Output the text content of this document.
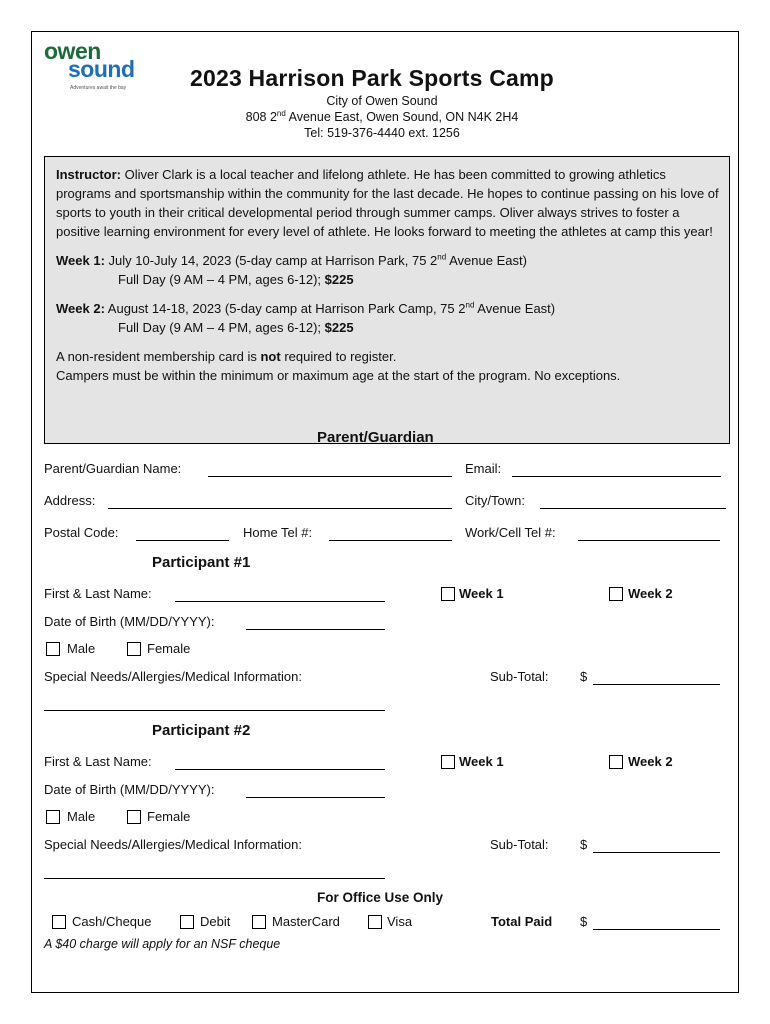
owen
sound
Adventures await the bay	2023 Harrison Park Sports Camp
City of Owen Sound
808 2nd Avenue East, Owen Sound, ON N4K 2H4
Tel: 519-376-4440 ext. 1256

Instructor: Oliver Clark is a local teacher and lifelong athlete. He has been committed to growing athletics programs and sportsmanship within the community for the last decade. He hopes to continue passing on his love of sports to youth in their critical developmental period through summer camps. Oliver always strives to foster a positive learning environment for every level of athlete. He looks forward to meeting the athletes at camp this year!

Week 1: July 10-July 14, 2023 (5-day camp at Harrison Park, 75 2nd Avenue East)

Full Day (9 AM – 4 PM, ages 6-12); $225

Week 2: August 14-18, 2023 (5-day camp at Harrison Park Camp, 75 2nd Avenue East)

Full Day (9 AM – 4 PM, ages 6-12); $225

A non-resident membership card is not required to register.

Campers must be within the minimum or maximum age at the start of the program. No exceptions.

Parent/Guardian
Parent/Guardian Name:	Email:
Address:	City/Town:
Postal Code:	Home Tel #:	Work/Cell Tel #:
Participant #1
First & Last Name:	Week 1	Week 2
Date of Birth (MM/DD/YYYY):
Male	Female
Special Needs/Allergies/Medical Information:	Sub-Total: $
Participant #2
First & Last Name:	Week 1	Week 2
Date of Birth (MM/DD/YYYY):
Male	Female
Special Needs/Allergies/Medical Information:	Sub-Total: $
For Office Use Only
Cash/Cheque	Debit	MasterCard	Visa	Total Paid $
A $40 charge will apply for an NSF cheque
